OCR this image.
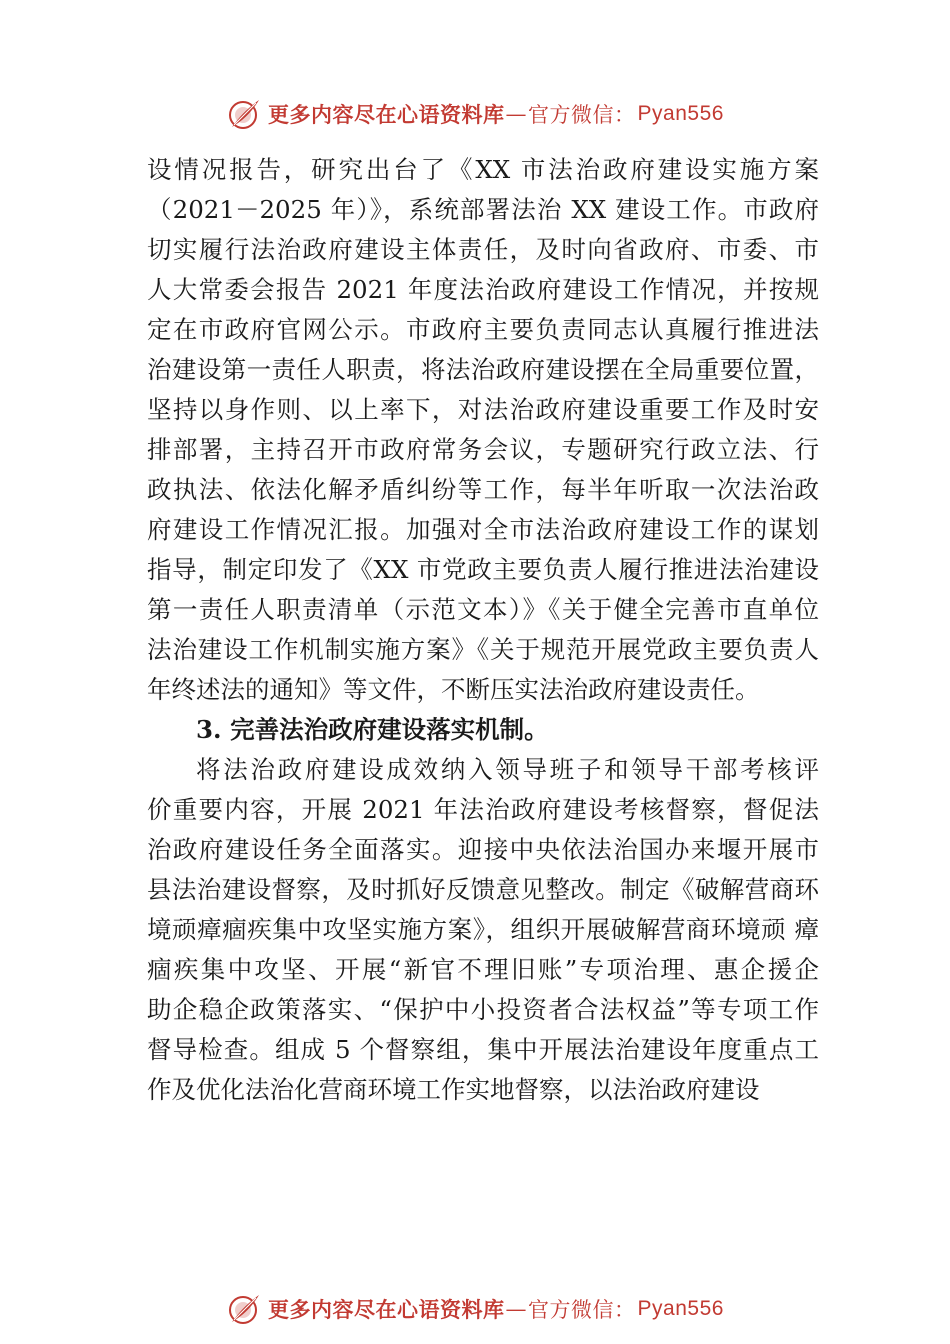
更多内容尽在心语资料库 — 官方微信： Pyan556
设情况报告，研究出台了《XX 市法治政府建设实施方案
（2021－2025 年）》，系统部署法治 XX 建设工作。市政府
切实履行法治政府建设主体责任，及时向省政府、市委、市
人大常委会报告 2021 年度法治政府建设工作情况，并按规
定在市政府官网公示。市政府主要负责同志认真履行推进法
治建设第一责任人职责，将法治政府建设摆在全局重要位置，
坚持以身作则、以上率下，对法治政府建设重要工作及时安
排部署，主持召开市政府常务会议，专题研究行政立法、行
政执法、依法化解矛盾纠纷等工作，每半年听取一次法治政
府建设工作情况汇报。加强对全市法治政府建设工作的谋划
指导，制定印发了《XX 市党政主要负责人履行推进法治建设
第一责任人职责清单（示范文本）》《关于健全完善市直单位
法治建设工作机制实施方案》《关于规范开展党政主要负责人
年终述法的通知》等文件，不断压实法治政府建设责任。
3. 完善法治政府建设落实机制。
将法治政府建设成效纳入领导班子和领导干部考核评
价重要内容，开展 2021 年法治政府建设考核督察，督促法
治政府建设任务全面落实。迎接中央依法治国办来堰开展市
县法治建设督察，及时抓好反馈意见整改。制定《破解营商环
境顽瘴痼疾集中攻坚实施方案》，组织开展破解营商环境顽 瘴
痼疾集中攻坚、开展“新官不理旧账”专项治理、惠企援企
助企稳企政策落实、“保护中小投资者合法权益”等专项工作
督导检查。组成 5 个督察组，集中开展法治建设年度重点工
作及优化法治化营商环境工作实地督察，以法治政府建设
更多内容尽在心语资料库 — 官方微信： Pyan556
